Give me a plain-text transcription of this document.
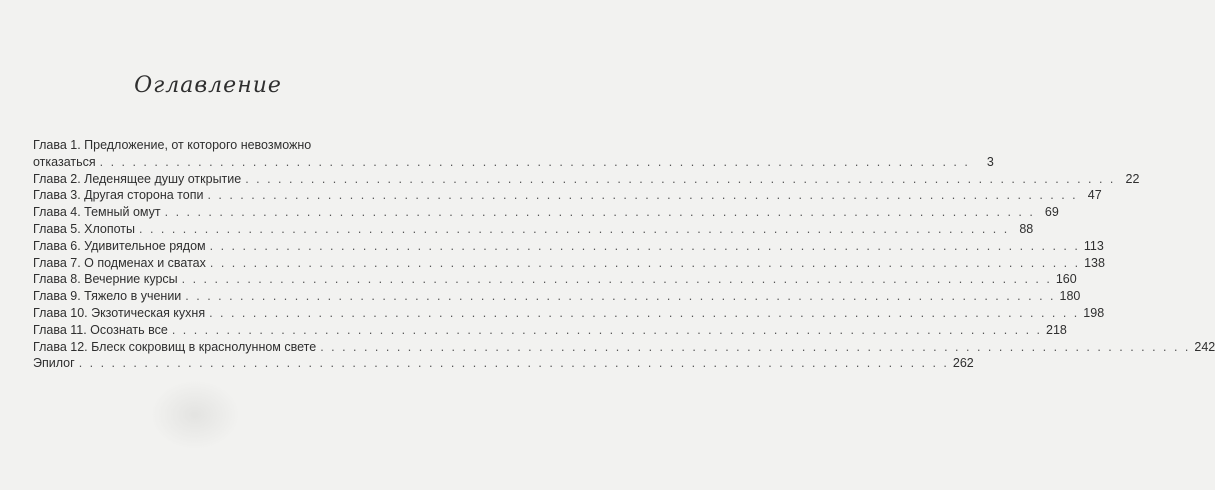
Оглавление
Глава 1. Предложение, от которого невозможно
отказаться . . . . . . . . . . . . . . . . . . . . . . . . . . . . . . . . . . . . . . . . . . . . . . . . . . . . . . . . . . . . . . . . . . . . . . . . . . . . . . . .	3
Глава 2. Леденящее душу открытие . . . . . . . . . . . . . . . . . . . . . . . . . . . . . . . . . . . . . . . . . . . . . . . . . . . . . . . . . . . . . . . . . . . . . . . . . . . . . . . . 22
Глава 3. Другая сторона топи . . . . . . . . . . . . . . . . . . . . . . . . . . . . . . . . . . . . . . . . . . . . . . . . . . . . . . . . . . . . . . . . . . . . . . . . . . . . . . . . 47
Глава 4. Темный омут . . . . . . . . . . . . . . . . . . . . . . . . . . . . . . . . . . . . . . . . . . . . . . . . . . . . . . . . . . . . . . . . . . . . . . . . . . . . . . . . 69
Глава 5. Хлопоты . . . . . . . . . . . . . . . . . . . . . . . . . . . . . . . . . . . . . . . . . . . . . . . . . . . . . . . . . . . . . . . . . . . . . . . . . . . . . . . . 88
Глава 6. Удивительное рядом . . . . . . . . . . . . . . . . . . . . . . . . . . . . . . . . . . . . . . . . . . . . . . . . . . . . . . . . . . . . . . . . . . . . . . . . . . . . . . . . 113
Глава 7. О подменах и сватах . . . . . . . . . . . . . . . . . . . . . . . . . . . . . . . . . . . . . . . . . . . . . . . . . . . . . . . . . . . . . . . . . . . . . . . . . . . . . . . . 138
Глава 8. Вечерние курсы . . . . . . . . . . . . . . . . . . . . . . . . . . . . . . . . . . . . . . . . . . . . . . . . . . . . . . . . . . . . . . . . . . . . . . . . . . . . . . . . 160
Глава 9. Тяжело в учении . . . . . . . . . . . . . . . . . . . . . . . . . . . . . . . . . . . . . . . . . . . . . . . . . . . . . . . . . . . . . . . . . . . . . . . . . . . . . . . . 180
Глава 10. Экзотическая кухня . . . . . . . . . . . . . . . . . . . . . . . . . . . . . . . . . . . . . . . . . . . . . . . . . . . . . . . . . . . . . . . . . . . . . . . . . . . . . . . . 198
Глава 11. Осознать все . . . . . . . . . . . . . . . . . . . . . . . . . . . . . . . . . . . . . . . . . . . . . . . . . . . . . . . . . . . . . . . . . . . . . . . . . . . . . . . . 218
Глава 12. Блеск сокровищ в краснолунном свете . . . . . . . . . . . . . . . . . . . . . . . . . . . . . . . . . . . . . . . . . . . . . . . . . . . . . . . . . . . . . . . . . . . . . . . . . . . . . . . . 242
Эпилог . . . . . . . . . . . . . . . . . . . . . . . . . . . . . . . . . . . . . . . . . . . . . . . . . . . . . . . . . . . . . . . . . . . . . . . . . . . . . . . . 262
